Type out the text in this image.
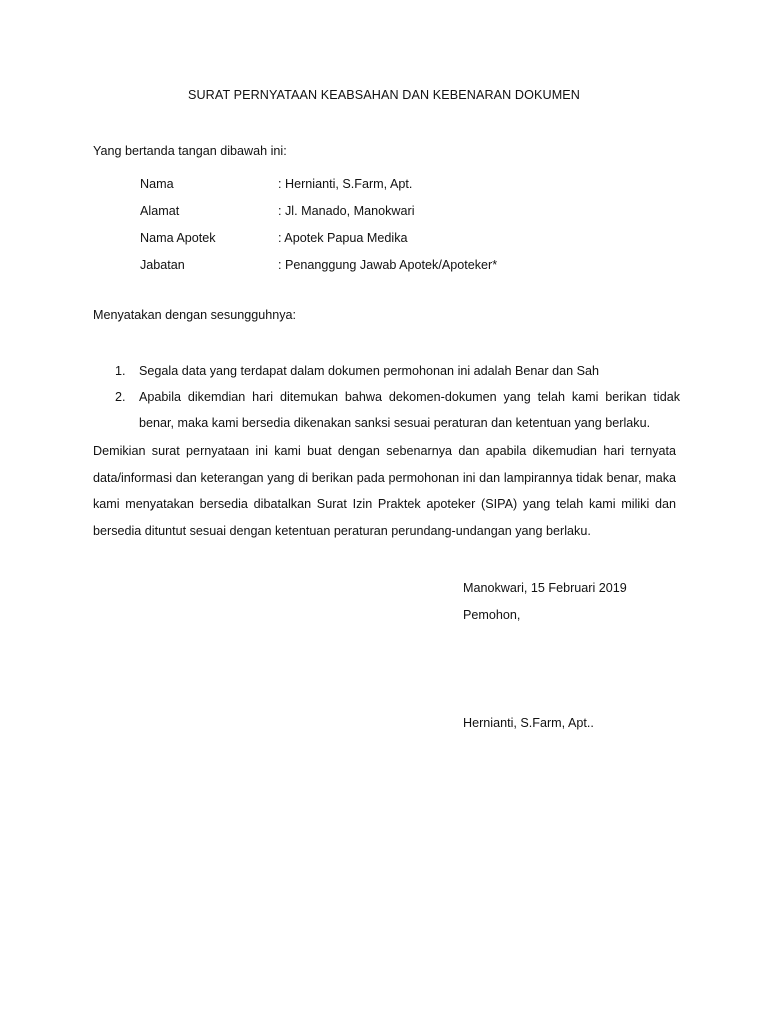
SURAT PERNYATAAN KEABSAHAN DAN KEBENARAN DOKUMEN
Yang bertanda tangan dibawah ini:
Nama	: Hernianti, S.Farm, Apt.
Alamat	: Jl. Manado, Manokwari
Nama Apotek	: Apotek Papua Medika
Jabatan	: Penanggung Jawab Apotek/Apoteker*
Menyatakan dengan sesungguhnya:
1.	Segala data yang terdapat dalam dokumen permohonan ini adalah Benar dan Sah
2.	Apabila dikemdian hari ditemukan bahwa dekomen-dokumen yang telah kami berikan tidak benar, maka kami bersedia dikenakan sanksi sesuai peraturan dan ketentuan yang berlaku.
Demikian surat pernyataan ini kami buat dengan sebenarnya dan apabila dikemudian hari ternyata data/informasi dan keterangan yang di berikan pada permohonan ini dan lampirannya tidak benar, maka kami menyatakan bersedia dibatalkan Surat Izin Praktek apoteker (SIPA) yang telah kami miliki dan bersedia dituntut sesuai dengan ketentuan peraturan perundang-undangan yang berlaku.
Manokwari, 15 Februari 2019
Pemohon,
Hernianti, S.Farm, Apt..
